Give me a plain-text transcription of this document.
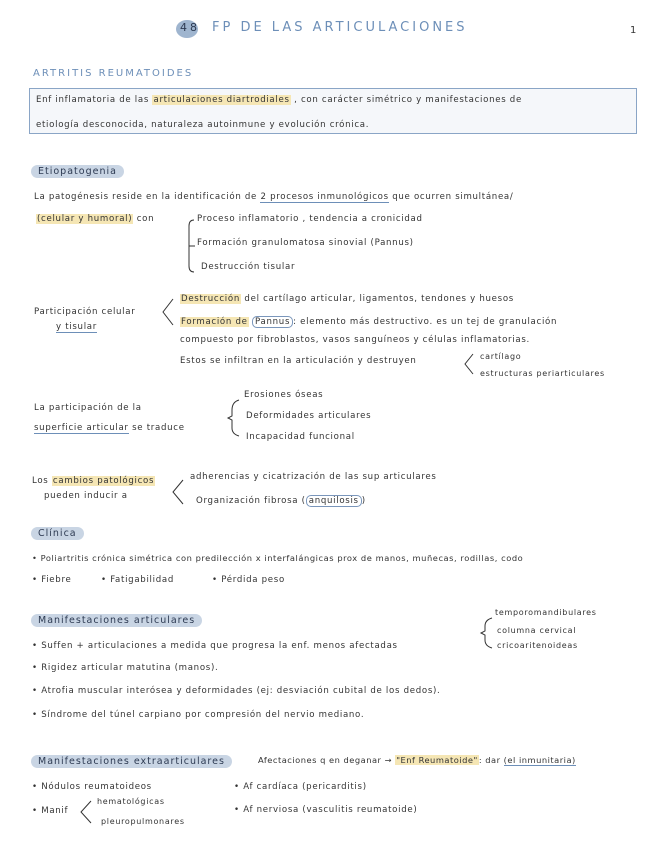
48 FP DE LAS ARTICULACIONES	1
ARTRITIS REUMATOIDES
Enf inflamatoria de las articulaciones diartrodiales , con carácter simétrico y manifestaciones de
etiología desconocida, naturaleza autoinmune y evolución crónica.
Etiopatogenia
La patogénesis reside en la identificación de 2 procesos inmunológicos que ocurren simultánea/
(celular y humoral) con	Proceso inflamatorio , tendencia a cronicidad
Formación granulomatosa sinovial (Pannus)
Destrucción tisular
Participación celular
y tisular
Destrucción del cartílago articular, ligamentos, tendones y huesos
Formación de Pannus : elemento más destructivo. es un tej de granulación
compuesto por fibroblastos, vasos sanguíneos y células inflamatorias.
Estos se infiltran en la articulación y destruyen	cartílago
estructuras periarticulares
La participación de la
superficie articular se traduce
Erosiones óseas
Deformidades articulares
Incapacidad funcional
Los cambios patológicos
pueden inducir a
adherencias y cicatrización de las sup articulares
Organización fibrosa ( anquilosis )
Clínica
• Poliartritis crónica simétrica con predilección x interfalángicas prox de manos, muñecas, rodillas, codo
• Fiebre	• Fatigabilidad	• Pérdida peso
Manifestaciones articulares
• Suffen + articulaciones a medida que progresa la enf. menos afectadas
temporomandibulares
columna cervical
cricoaritenoideas
• Rigidez articular matutina (manos).
• Atrofia muscular interósea y deformidades (ej: desviación cubital de los dedos).
• Síndrome del túnel carpiano por compresión del nervio mediano.
Manifestaciones extraarticulares	Afectaciones q en deganar → "Enf Reumatoide": dar (el inmunitaria)
• Nódulos reumatoideos
• Manif
hematológicas
pleuropulmonares
• Af cardíaca (pericarditis)
• Af nerviosa (vasculitis reumatoide)
